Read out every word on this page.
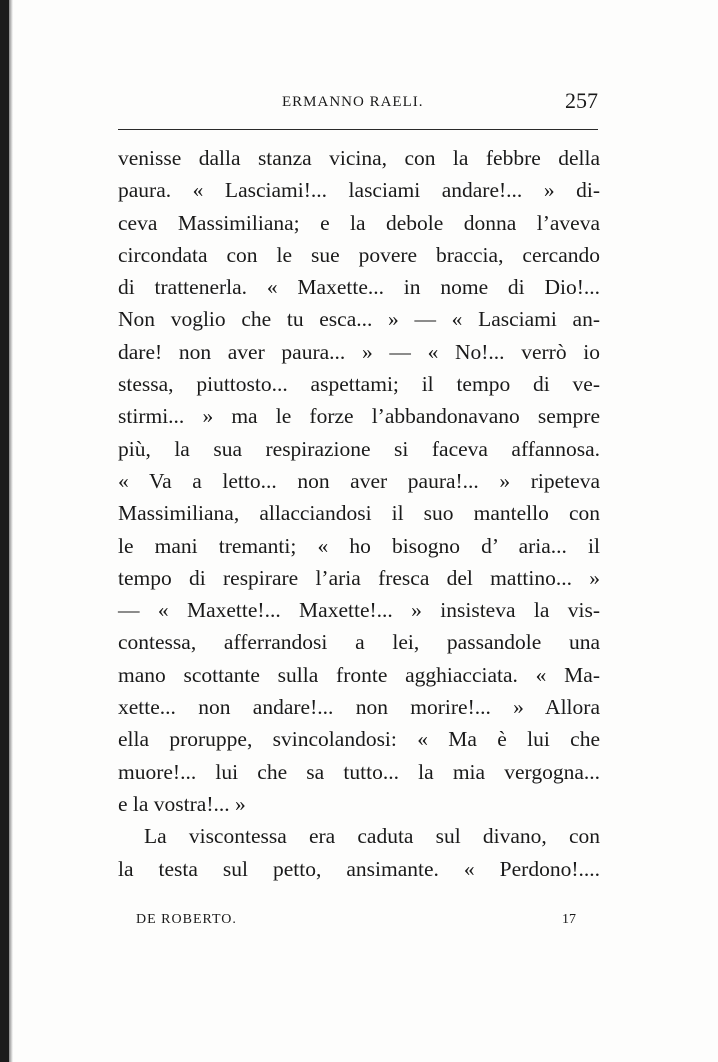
ERMANNO RAELI.	257
venisse dalla stanza vicina, con la febbre della
paura. « Lasciami!... lasciami andare!... » di-
ceva Massimiliana; e la debole donna l’aveva
circondata con le sue povere braccia, cercando
di trattenerla. « Maxette... in nome di Dio!...
Non voglio che tu esca... » — « Lasciami an-
dare! non aver paura... » — « No!... verrò io
stessa, piuttosto... aspettami; il tempo di ve-
stirmi... » ma le forze l’abbandonavano sempre
più, la sua respirazione si faceva affannosa.
« Va a letto... non aver paura!... » ripeteva
Massimiliana, allacciandosi il suo mantello con
le mani tremanti; « ho bisogno d’ aria... il
tempo di respirare l’aria fresca del mattino... »
— « Maxette!... Maxette!... » insisteva la vis-
contessa, afferrandosi a lei, passandole una
mano scottante sulla fronte agghiacciata. « Ma-
xette... non andare!... non morire!... » Allora
ella proruppe, svincolandosi: « Ma è lui che
muore!... lui che sa tutto... la mia vergogna...
e la vostra!... »
La viscontessa era caduta sul divano, con
la testa sul petto, ansimante. « Perdono!....
DE ROBERTO.	17
